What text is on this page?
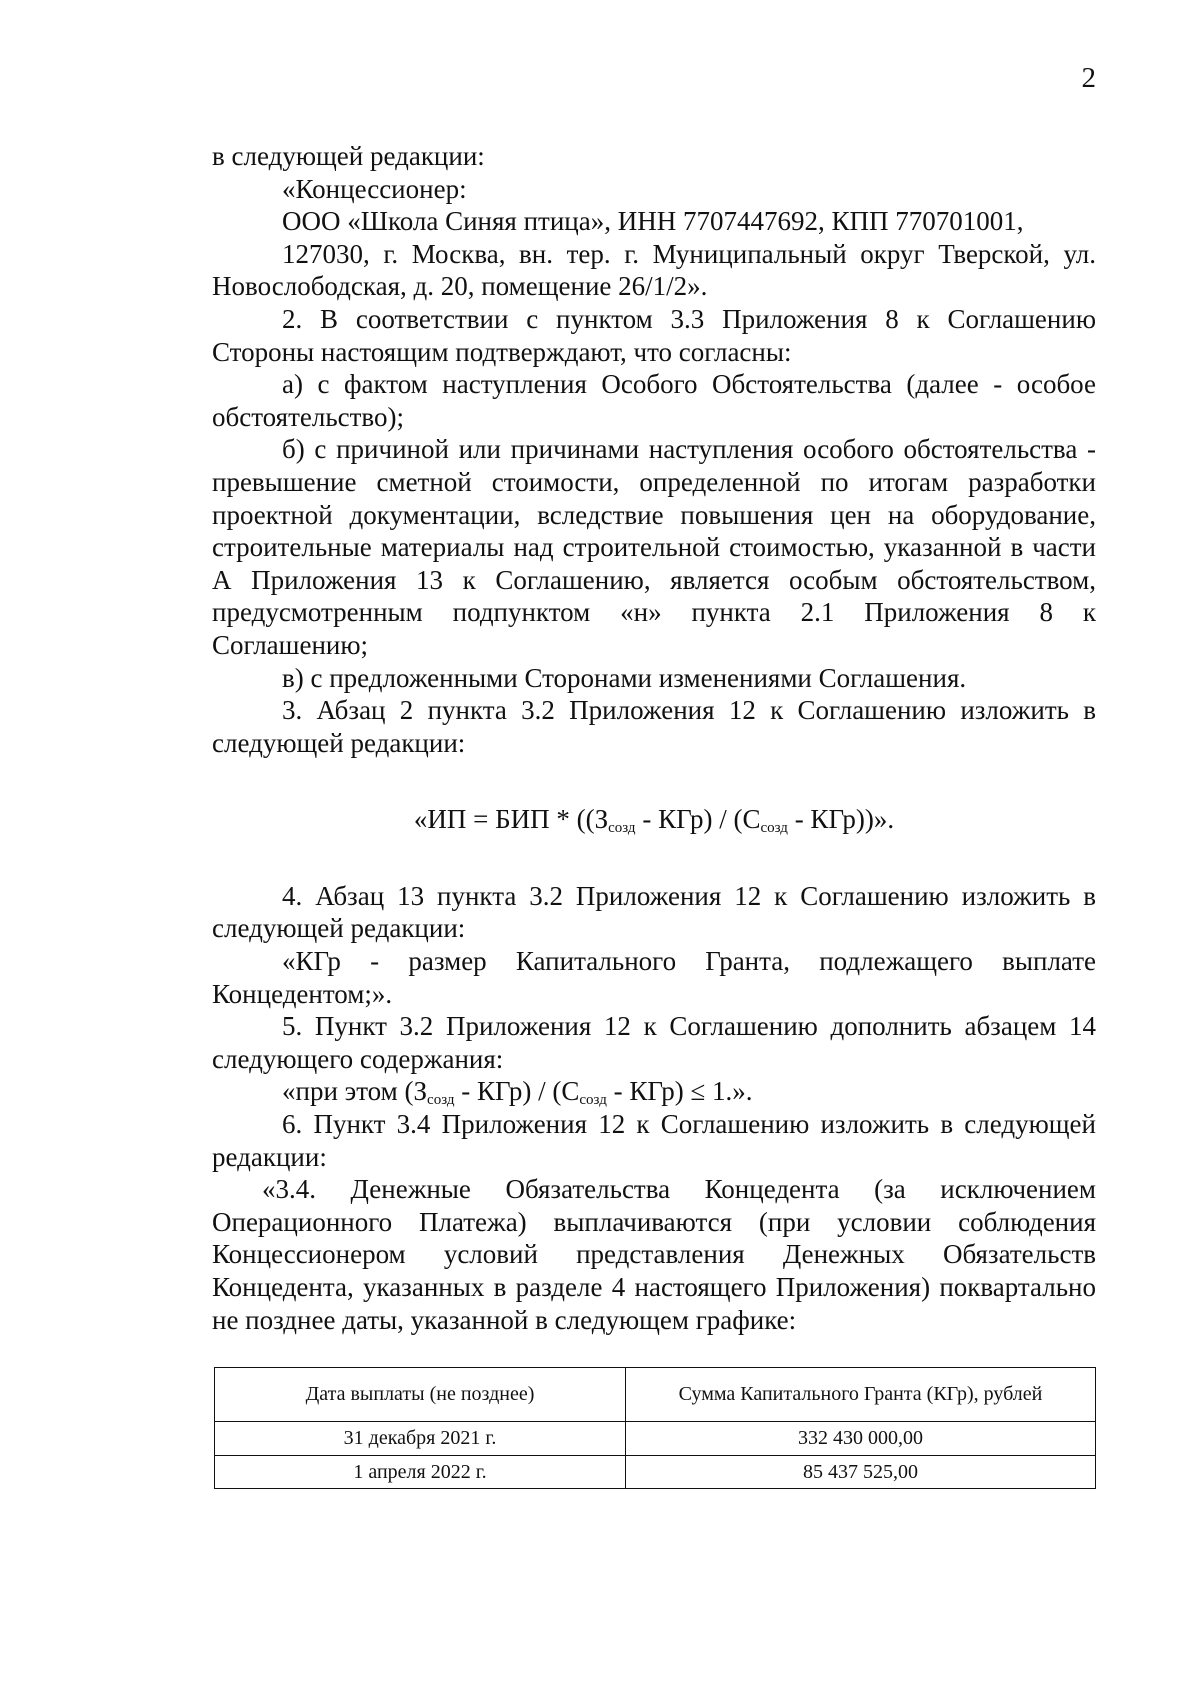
2

в следующей редакции:

«Концессионер:

ООО «Школа Синяя птица», ИНН 7707447692, КПП 770701001,

127030, г. Москва, вн. тер. г. Муниципальный округ Тверской, ул. Новослободская, д. 20, помещение 26/1/2».

2. В соответствии с пунктом 3.3 Приложения 8 к Соглашению Стороны настоящим подтверждают, что согласны:

а) с фактом наступления Особого Обстоятельства (далее - особое обстоятельство);

б) с причиной или причинами наступления особого обстоятельства - превышение сметной стоимости, определенной по итогам разработки проектной документации, вследствие повышения цен на оборудование, строительные материалы над строительной стоимостью, указанной в части А Приложения 13 к Соглашению, является особым обстоятельством, предусмотренным подпунктом «н» пункта 2.1 Приложения 8 к Соглашению;

в) с предложенными Сторонами изменениями Соглашения.

3. Абзац 2 пункта 3.2 Приложения 12 к Соглашению изложить в следующей редакции:

«ИП = БИП * $((З_{созд} - КГр) / (С_{созд} - КГр))$».

4. Абзац 13 пункта 3.2 Приложения 12 к Соглашению изложить в следующей редакции:

«КГр - размер Капитального Гранта, подлежащего выплате Концедентом;».

5. Пункт 3.2 Приложения 12 к Соглашению дополнить абзацем 14 следующего содержания:

«при этом $(З_{созд} - КГр) / (С_{созд} - КГр) \le 1$.».

6. Пункт 3.4 Приложения 12 к Соглашению изложить в следующей редакции:

«3.4. Денежные Обязательства Концедента (за исключением Операционного Платежа) выплачиваются (при условии соблюдения Концессионером условий представления Денежных Обязательств Концедента, указанных в разделе 4 настоящего Приложения) поквартально не позднее даты, указанной в следующем графике:

Дата выплаты (не позднее)	Сумма Капитального Гранта (КГр), рублей
31 декабря 2021 г.	332 430 000,00
1 апреля 2022 г.	85 437 525,00
